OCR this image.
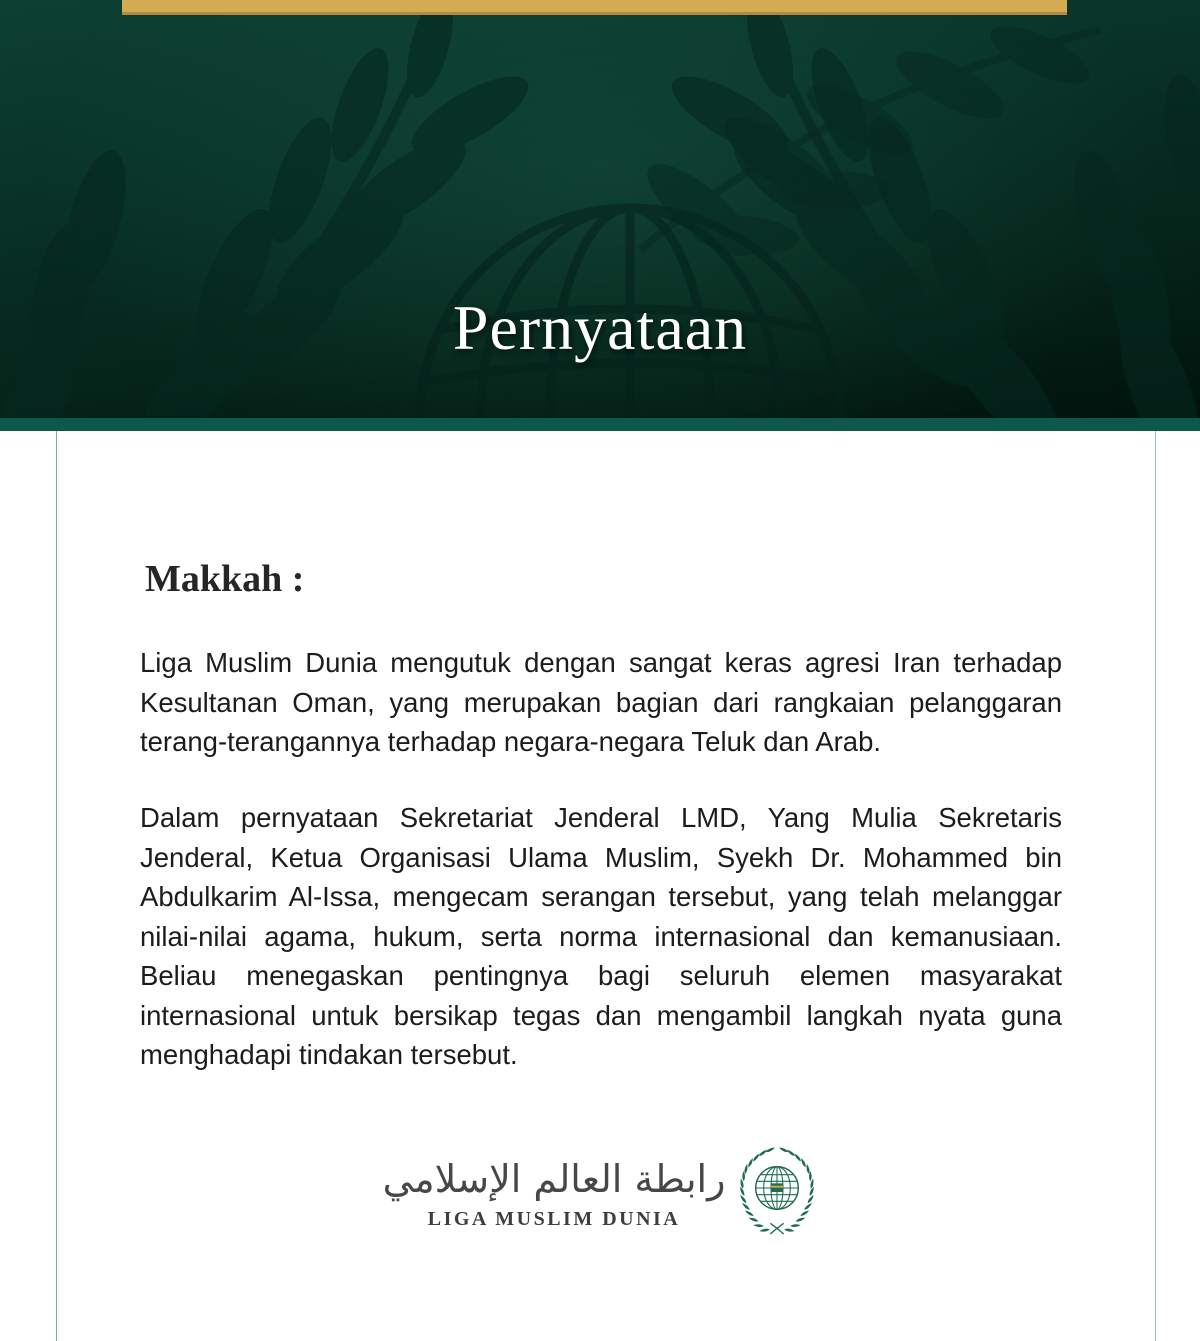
Pernyataan
Makkah :

Liga Muslim Dunia mengutuk dengan sangat keras agresi Iran terhadap Kesultanan Oman, yang merupakan bagian dari rangkaian pelanggaran terang-terangannya terhadap negara-negara Teluk dan Arab.

Dalam pernyataan Sekretariat Jenderal LMD, Yang Mulia Sekretaris Jenderal, Ketua Organisasi Ulama Muslim, Syekh Dr. Mohammed bin Abdulkarim Al-Issa, mengecam serangan tersebut, yang telah melanggar nilai-nilai agama, hukum, serta norma internasional dan kemanusiaan. Beliau menegaskan pentingnya bagi seluruh elemen masyarakat internasional untuk bersikap tegas dan mengambil langkah nyata guna menghadapi tindakan tersebut.

رابطة العالم الإسلامي
LIGA MUSLIM DUNIA
